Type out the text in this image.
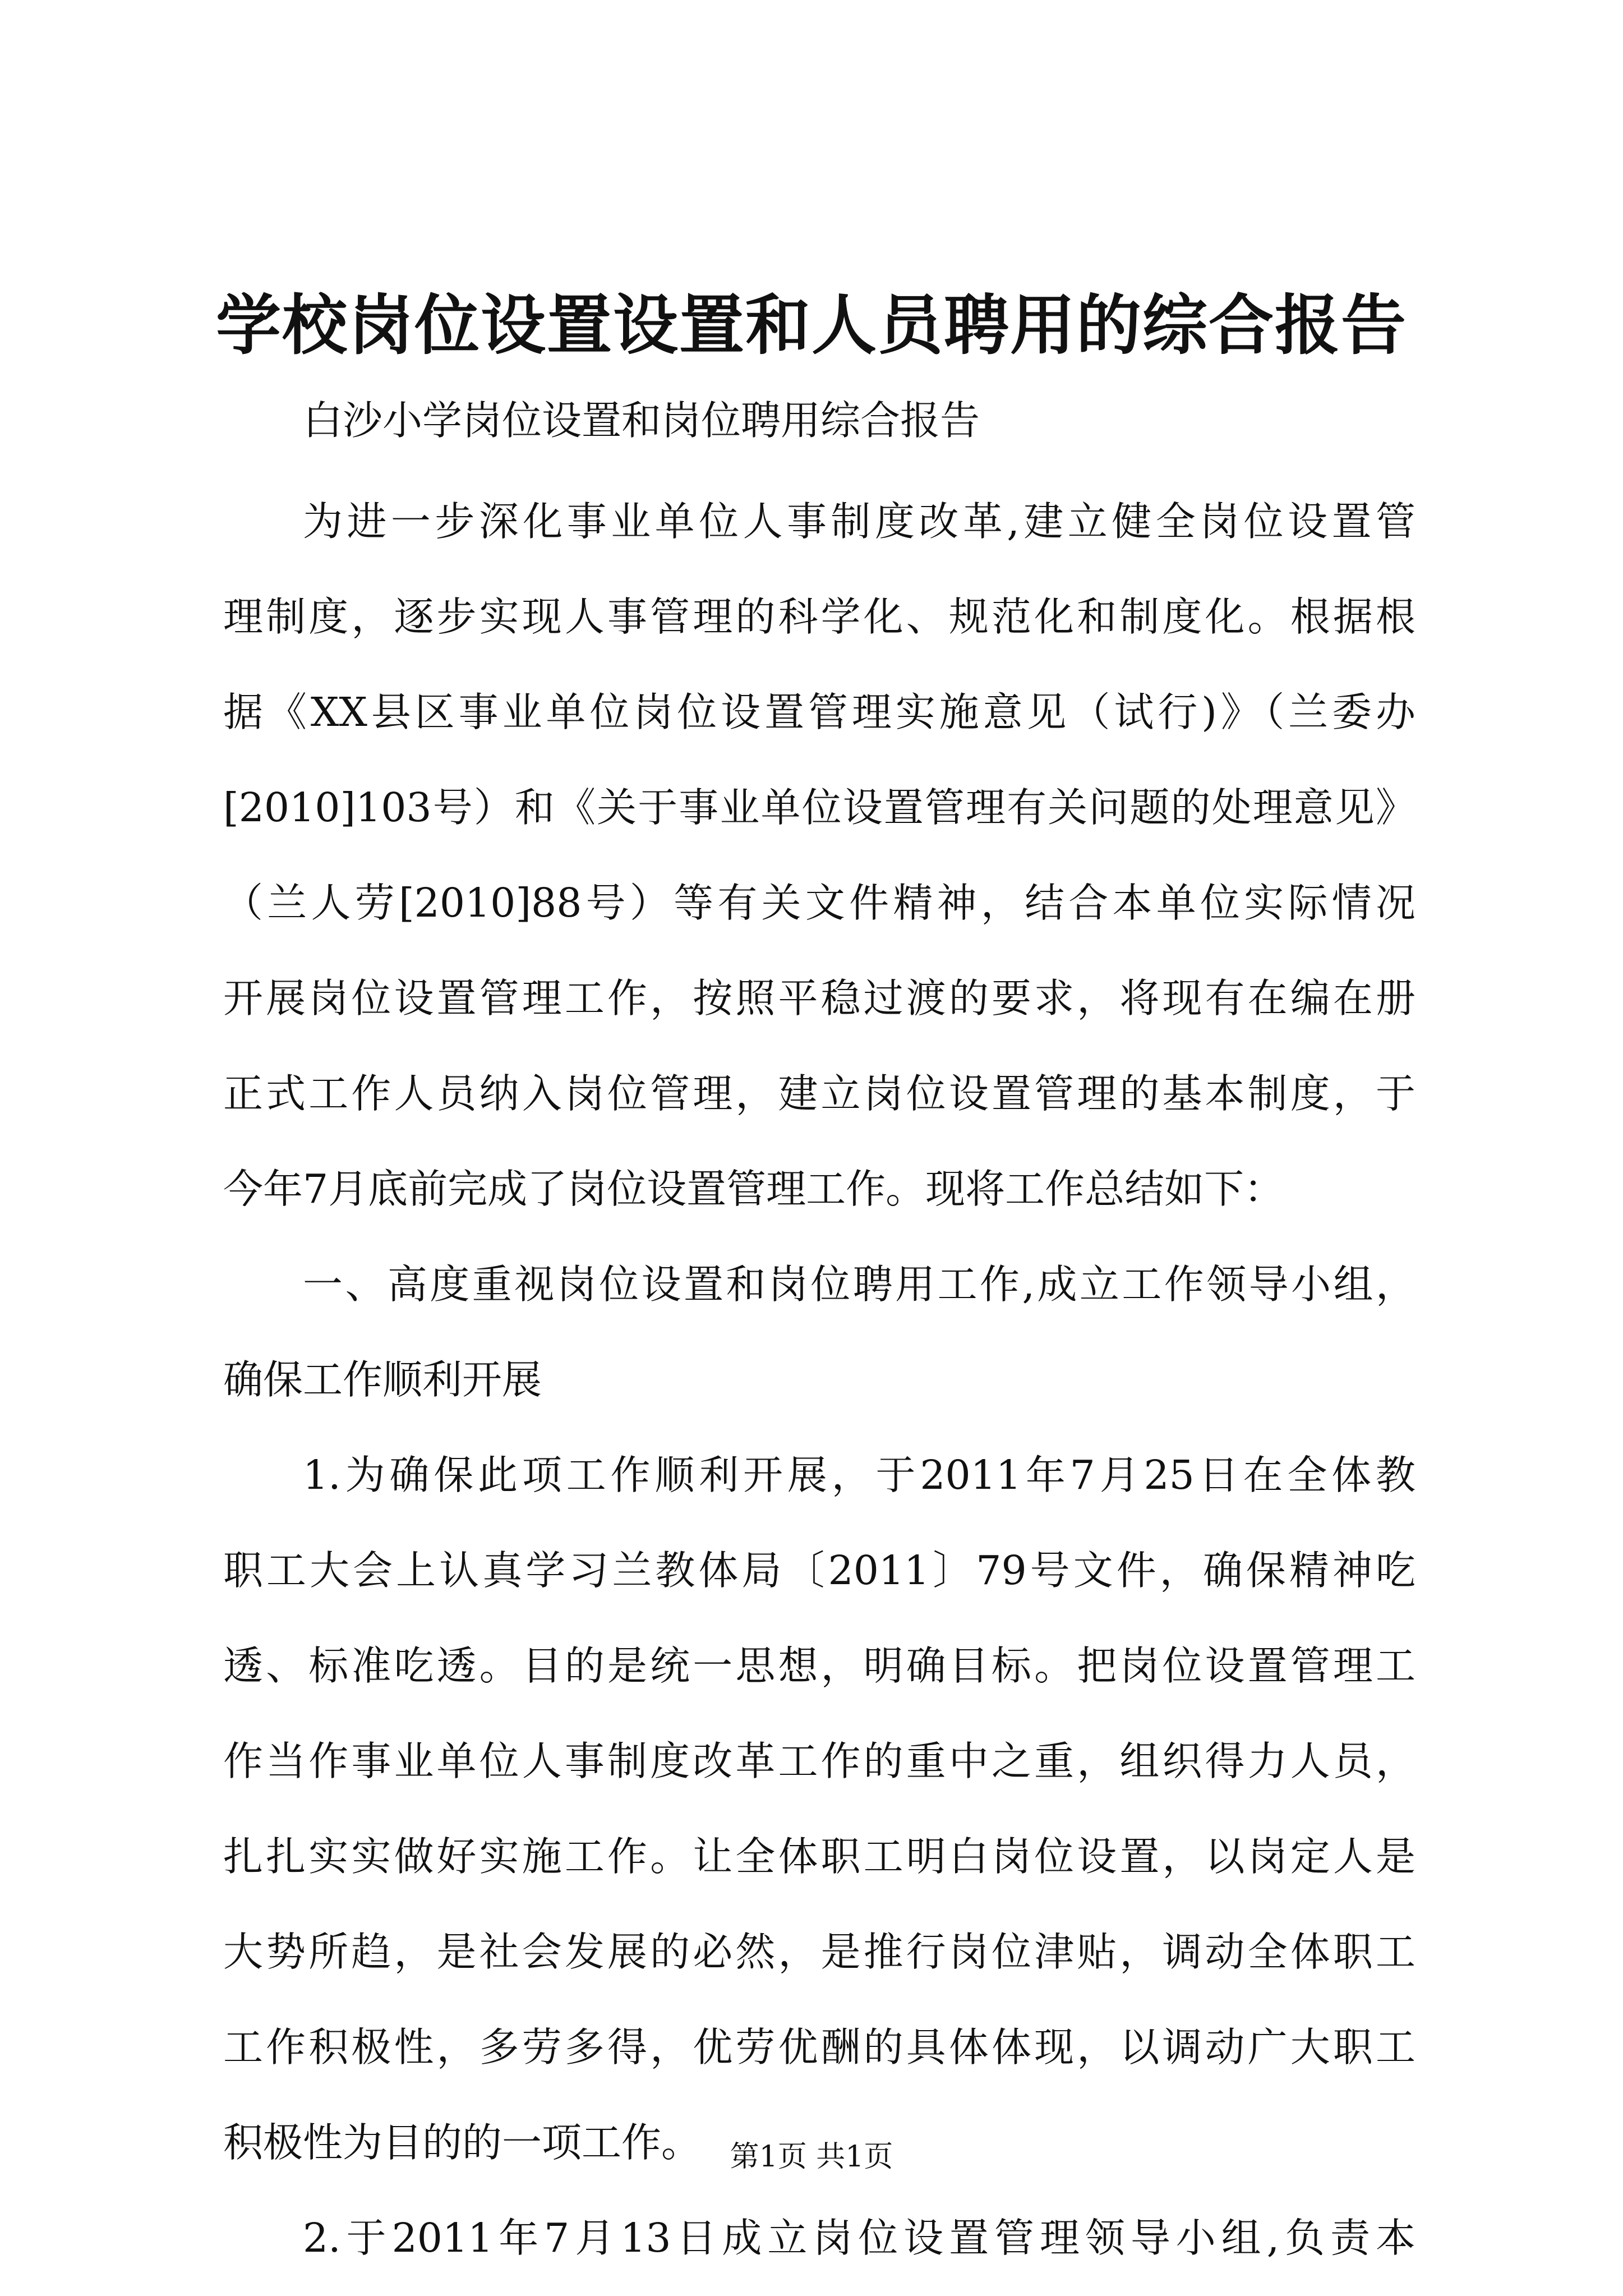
学校岗位设置设置和人员聘用的综合报告
白沙小学岗位设置和岗位聘用综合报告
为进一步深化事业单位人事制度改革,建立健全岗位设置管
理制度，逐步实现人事管理的科学化、规范化和制度化。根据根
据《XX县区事业单位岗位设置管理实施意见（试行)》（兰委办
[2010]103号）和《关于事业单位设置管理有关问题的处理意见》
（兰人劳[2010]88号）等有关文件精神，结合本单位实际情况
开展岗位设置管理工作，按照平稳过渡的要求，将现有在编在册
正式工作人员纳入岗位管理，建立岗位设置管理的基本制度，于
今年7月底前完成了岗位设置管理工作。现将工作总结如下：
一、高度重视岗位设置和岗位聘用工作,成立工作领导小组，
确保工作顺利开展
1.为确保此项工作顺利开展，于2011年7月25日在全体教
职工大会上认真学习兰教体局〔2011〕79号文件，确保精神吃
透、标准吃透。目的是统一思想，明确目标。把岗位设置管理工
作当作事业单位人事制度改革工作的重中之重，组织得力人员，
扎扎实实做好实施工作。让全体职工明白岗位设置，以岗定人是
大势所趋，是社会发展的必然，是推行岗位津贴，调动全体职工
工作积极性，多劳多得，优劳优酬的具体体现，以调动广大职工
积极性为目的的一项工作。
2.于2011年7月13日成立岗位设置管理领导小组,负责本
第1页 共1页
